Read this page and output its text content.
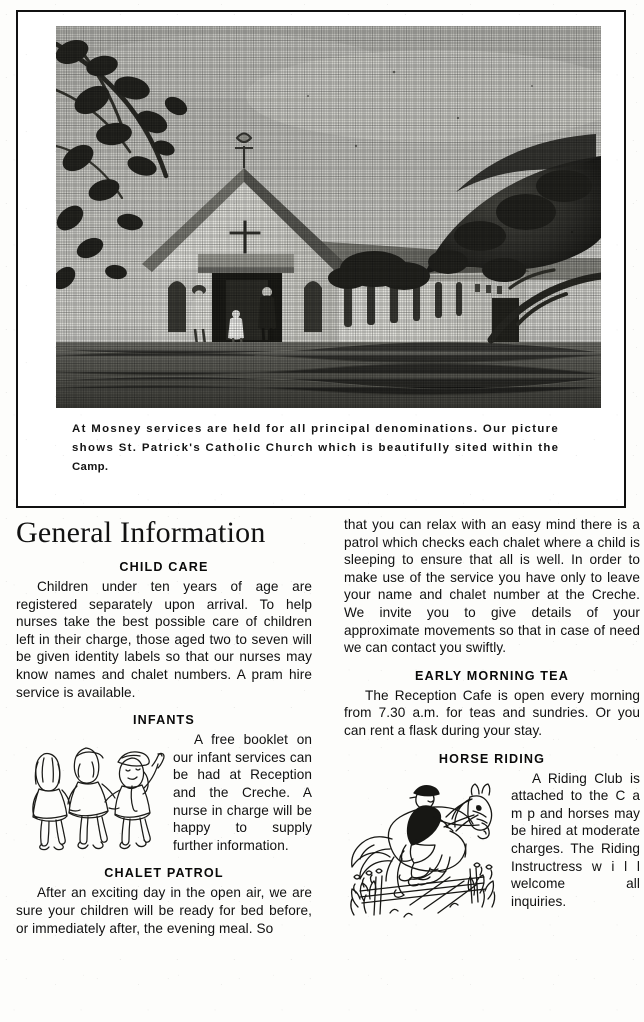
At Mosney services are held for all principal denominations. Our picture
shows St. Patrick's Catholic Church which is beautifully sited within the
Camp.
General Information
CHILD CARE

Children under ten years of age are registered separately upon arrival. To help nurses take the best possible care of children left in their charge, those aged two to seven will be given identity labels so that our nurses may know names and chalet numbers. A pram hire service is available.

INFANTS

A free booklet on our infant services can be had at Reception and the Creche. A nurse in charge will be happy to supply further information.

CHALET PATROL

After an exciting day in the open air, we are sure your children will be ready for bed before, or immediately after, the evening meal. So

that you can relax with an easy mind there is a patrol which checks each chalet where a child is sleeping to ensure that all is well. In order to make use of the service you have only to leave your name and chalet number at the Creche. We invite you to give details of your approximate movements so that in case of need we can contact you swiftly.

EARLY MORNING TEA

The Reception Cafe is open every morning from 7.30 a.m. for teas and sundries. Or you can rent a flask during your stay.

HORSE RIDING

A Riding Club is attached to the C a m p and horses may be hired at moderate charges. The Riding Instructress w i l l welcome all inquiries.
